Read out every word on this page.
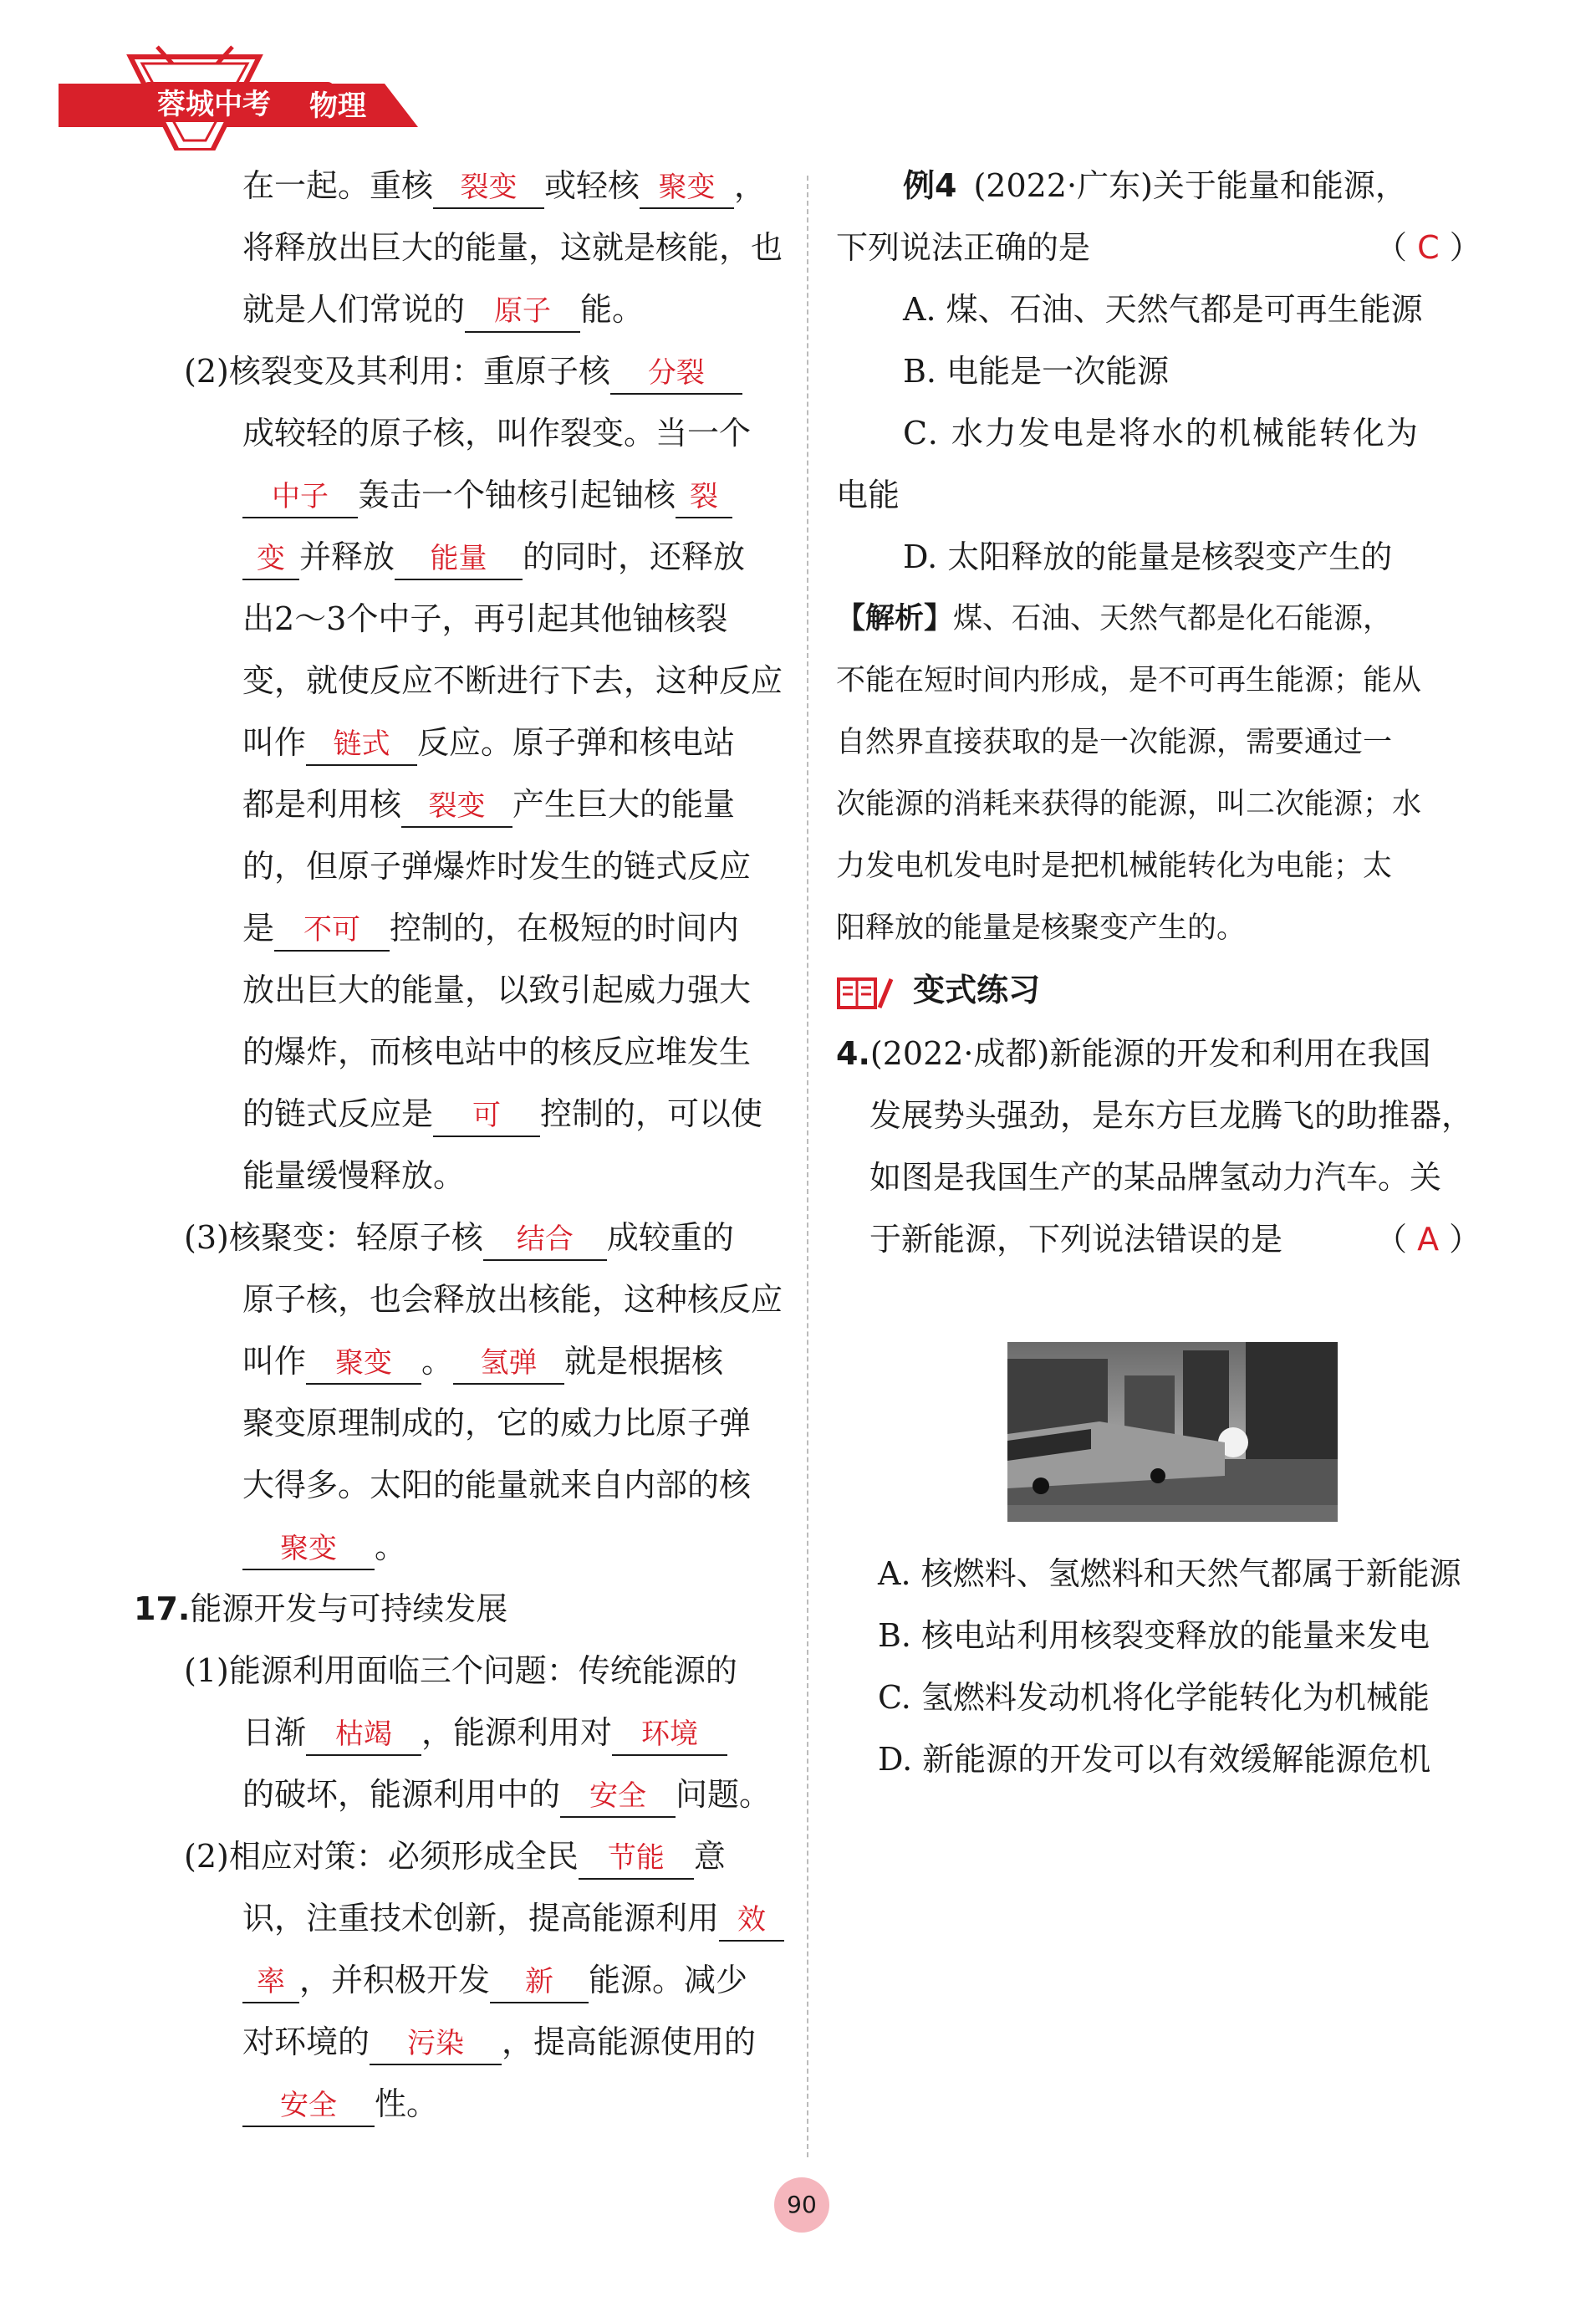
蓉城中考 物理
在一起。重核 裂变 或轻核 聚变 ，
将释放出巨大的能量，这就是核能，也
就是人们常说的 原子 能。
(2)核裂变及其利用：重原子核 分裂
成较轻的原子核，叫作裂变。当一个
中子 轰击一个铀核引起铀核 裂
变 并释放 能量 的同时，还释放
出2～3个中子，再引起其他铀核裂
变，就使反应不断进行下去，这种反应
叫作 链式 反应。原子弹和核电站
都是利用核 裂变 产生巨大的能量
的，但原子弹爆炸时发生的链式反应
是 不可 控制的，在极短的时间内
放出巨大的能量，以致引起威力强大
的爆炸，而核电站中的核反应堆发生
的链式反应是 可 控制的，可以使
能量缓慢释放。
(3)核聚变：轻原子核 结合 成较重的
原子核，也会释放出核能，这种核反应
叫作 聚变 。 氢弹 就是根据核
聚变原理制成的，它的威力比原子弹
大得多。太阳的能量就来自内部的核
聚变 。
17.能源开发与可持续发展
(1)能源利用面临三个问题：传统能源的
日渐 枯竭 ，能源利用对 环境
的破坏，能源利用中的 安全 问题。
(2)相应对策：必须形成全民 节能 意
识，注重技术创新，提高能源利用 效
率 ，并积极开发 新 能源。减少
对环境的 污染 ，提高能源使用的
安全 性。
例4 (2022·广东)关于能量和能源，
下列说法正确的是	（ C ）
A. 煤、石油、天然气都是可再生能源
B. 电能是一次能源
C. 水力发电是将水的机械能转化为
电能
D. 太阳释放的能量是核裂变产生的
【解析】煤、石油、天然气都是化石能源，
不能在短时间内形成，是不可再生能源；能从
自然界直接获取的是一次能源，需要通过一
次能源的消耗来获得的能源，叫二次能源；水
力发电机发电时是把机械能转化为电能；太
阳释放的能量是核聚变产生的。
变式练习
4.(2022·成都)新能源的开发和利用在我国
发展势头强劲，是东方巨龙腾飞的助推器，
如图是我国生产的某品牌氢动力汽车。关
于新能源，下列说法错误的是	（ A ）
A. 核燃料、氢燃料和天然气都属于新能源
B. 核电站利用核裂变释放的能量来发电
C. 氢燃料发动机将化学能转化为机械能
D. 新能源的开发可以有效缓解能源危机
90
